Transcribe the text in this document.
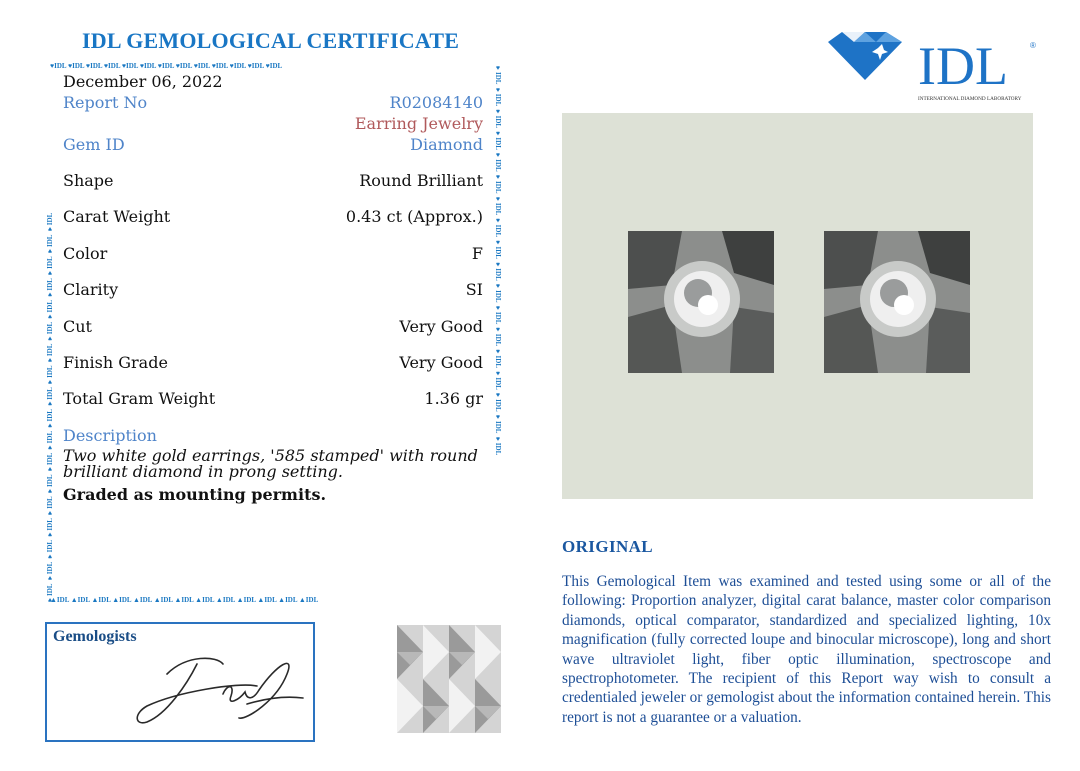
IDL GEMOLOGICAL CERTIFICATE
♥IDL ♥IDL ♥IDL ♥IDL ♥IDL ♥IDL ♥IDL ♥IDL ♥IDL ♥IDL ♥IDL ♥IDL ♥IDL
▲IDL ▲IDL ▲IDL ▲IDL ▲IDL ▲IDL ▲IDL ▲IDL ▲IDL ▲IDL ▲IDL ▲IDL ▲IDL
♥IDL ♥IDL ♥IDL ♥IDL ♥IDL ♥IDL ♥IDL ♥IDL ♥IDL ♥IDL ♥IDL ♥IDL ♥IDL ♥IDL ♥IDL ♥IDL ♥IDL ♥IDL	♥IDL ♥IDL ♥IDL ♥IDL ♥IDL ♥IDL ♥IDL ♥IDL ♥IDL ♥IDL ♥IDL ♥IDL ♥IDL ♥IDL ♥IDL ♥IDL ♥IDL ♥IDL
December 06, 2022
Report No	R02084140
Earring Jewelry
Gem ID	Diamond
Shape	Round Brilliant
Carat Weight	0.43 ct (Approx.)
Color	F
Clarity	SI
Cut	Very Good
Finish Grade	Very Good
Total Gram Weight	1.36 gr
Description
Two white gold earrings, '585 stamped' with round
brilliant diamond in prong setting.
Graded as mounting permits.
Gemologists
IDL	®
INTERNATIONAL DIAMOND LABORATORY
ORIGINAL
This Gemological Item was examined and tested using some or all of the following: Proportion analyzer, digital carat balance, master color comparison diamonds, optical comparator, standardized and specialized lighting, 10x magnification (fully corrected loupe and binocular microscope), long and short wave ultraviolet light, fiber optic illumination, spectroscope and spectrophotometer. The recipient of this Report way wish to consult a credentialed jeweler or gemologist about the information contained herein. This report is not a guarantee or a valuation.
